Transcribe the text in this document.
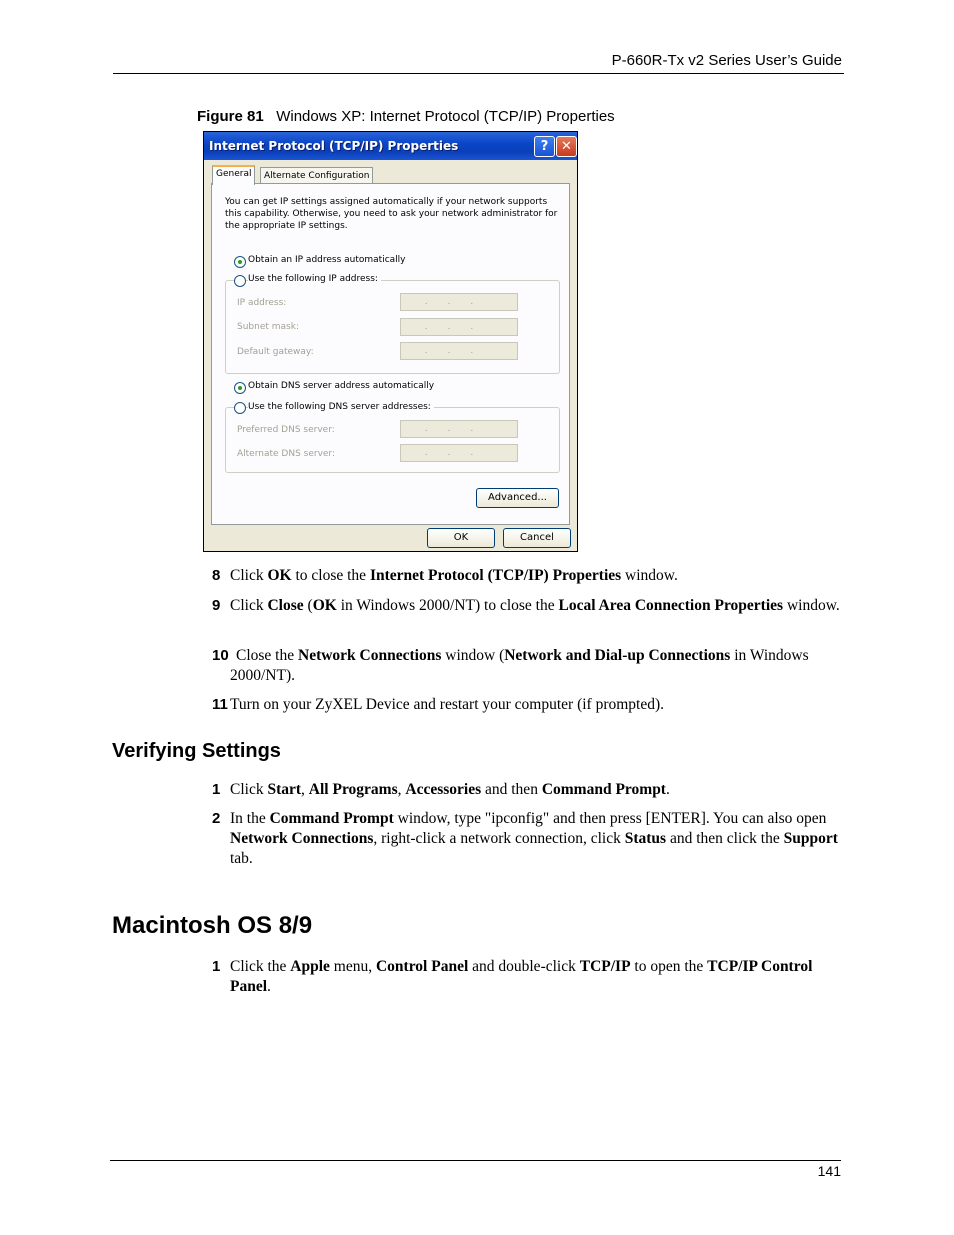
P-660R-Tx v2 Series User’s Guide
Figure 81 Windows XP: Internet Protocol (TCP/IP) Properties
Internet Protocol (TCP/IP) Properties	? ✕
General	Alternate Configuration
You can get IP settings assigned automatically if your network supports
this capability. Otherwise, you need to ask your network administrator for
the appropriate IP settings.
Obtain an IP address automatically
Use the following IP address:
IP address:	...
Subnet mask:	...
Default gateway:	...
Obtain DNS server address automatically
Use the following DNS server addresses:
Preferred DNS server:	...
Alternate DNS server:	...
Advanced...
OK	Cancel
8 Click OK to close the Internet Protocol (TCP/IP) Properties window.
9 Click Close (OK in Windows 2000/NT) to close the Local Area Connection Properties window.
10 Close the Network Connections window (Network and Dial-up Connections in Windows 2000/NT).
11 Turn on your ZyXEL Device and restart your computer (if prompted).
Verifying Settings
1 Click Start, All Programs, Accessories and then Command Prompt.
2 In the Command Prompt window, type "ipconfig" and then press [ENTER]. You can also open Network Connections, right-click a network connection, click Status and then click the Support tab.
Macintosh OS 8/9
1 Click the Apple menu, Control Panel and double-click TCP/IP to open the TCP/IP Control Panel.
141
